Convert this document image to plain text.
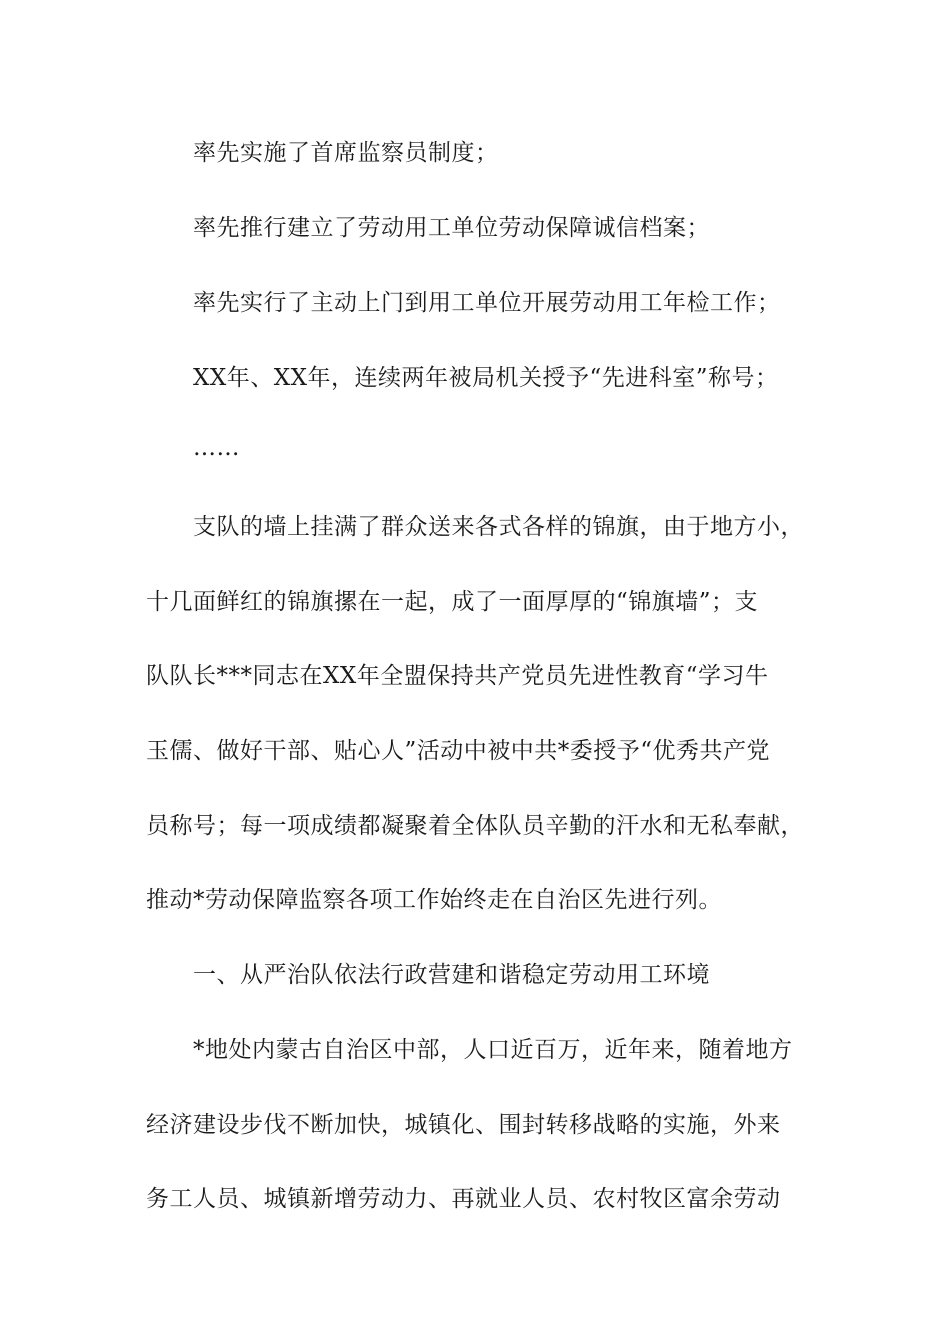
率先实施了首席监察员制度；

率先推行建立了劳动用工单位劳动保障诚信档案；

率先实行了主动上门到用工单位开展劳动用工年检工作；

XX年、XX年，连续两年被局机关授予“先进科室”称号；

……

支队的墙上挂满了群众送来各式各样的锦旗，由于地方小，

十几面鲜红的锦旗摞在一起，成了一面厚厚的“锦旗墙”；支

队队长***同志在XX年全盟保持共产党员先进性教育“学习牛

玉儒、做好干部、贴心人”活动中被中共*委授予“优秀共产党

员称号；每一项成绩都凝聚着全体队员辛勤的汗水和无私奉献，

推动*劳动保障监察各项工作始终走在自治区先进行列。

一、从严治队依法行政营建和谐稳定劳动用工环境

*地处内蒙古自治区中部，人口近百万，近年来，随着地方

经济建设步伐不断加快，城镇化、围封转移战略的实施，外来

务工人员、城镇新增劳动力、再就业人员、农村牧区富余劳动
